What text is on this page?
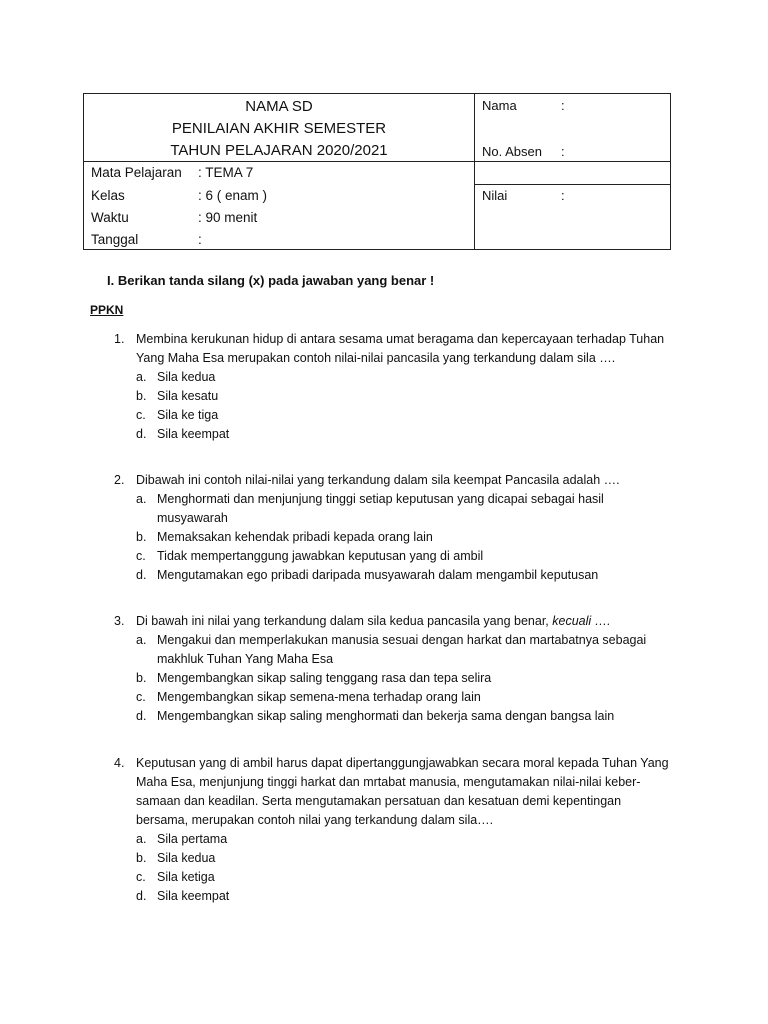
NAMA SD
PENILAIAN AKHIR SEMESTER
TAHUN PELAJARAN 2020/2021
Nama	:
No. Absen :
Nilai	:
Mata Pelajaran : TEMA 7
Kelas	: 6 ( enam )
Waktu	: 90 menit
Tanggal	:
I. Berikan tanda silang (x) pada jawaban yang benar !
PPKN
1. Membina kerukunan hidup di antara sesama umat beragama dan kepercayaan terhadap Tuhan Yang Maha Esa merupakan contoh nilai-nilai pancasila yang terkandung dalam sila ….
a. Sila kedua
b. Sila kesatu
c. Sila ke tiga
d. Sila keempat
2. Dibawah ini contoh nilai-nilai yang terkandung dalam sila keempat Pancasila adalah ….
a. Menghormati dan menjunjung tinggi setiap keputusan yang dicapai sebagai hasil musyawarah
b. Memaksakan kehendak pribadi kepada orang lain
c. Tidak mempertanggung jawabkan keputusan yang di ambil
d. Mengutamakan ego pribadi daripada musyawarah dalam mengambil keputusan
3. Di bawah ini nilai yang terkandung dalam sila kedua pancasila yang benar, kecuali ….
a. Mengakui dan memperlakukan manusia sesuai dengan harkat dan martabatnya sebagai makhluk Tuhan Yang Maha Esa
b. Mengembangkan sikap saling tenggang rasa dan tepa selira
c. Mengembangkan sikap semena-mena terhadap orang lain
d. Mengembangkan sikap saling menghormati dan bekerja sama dengan bangsa lain
4. Keputusan yang di ambil harus dapat dipertanggungjawabkan secara moral kepada Tuhan Yang Maha Esa, menjunjung tinggi harkat dan mrtabat manusia, mengutamakan nilai-nilai keber-samaan dan keadilan. Serta mengutamakan persatuan dan kesatuan demi kepentingan bersama, merupakan contoh nilai yang terkandung dalam sila….
a. Sila pertama
b. Sila kedua
c. Sila ketiga
d. Sila keempat
